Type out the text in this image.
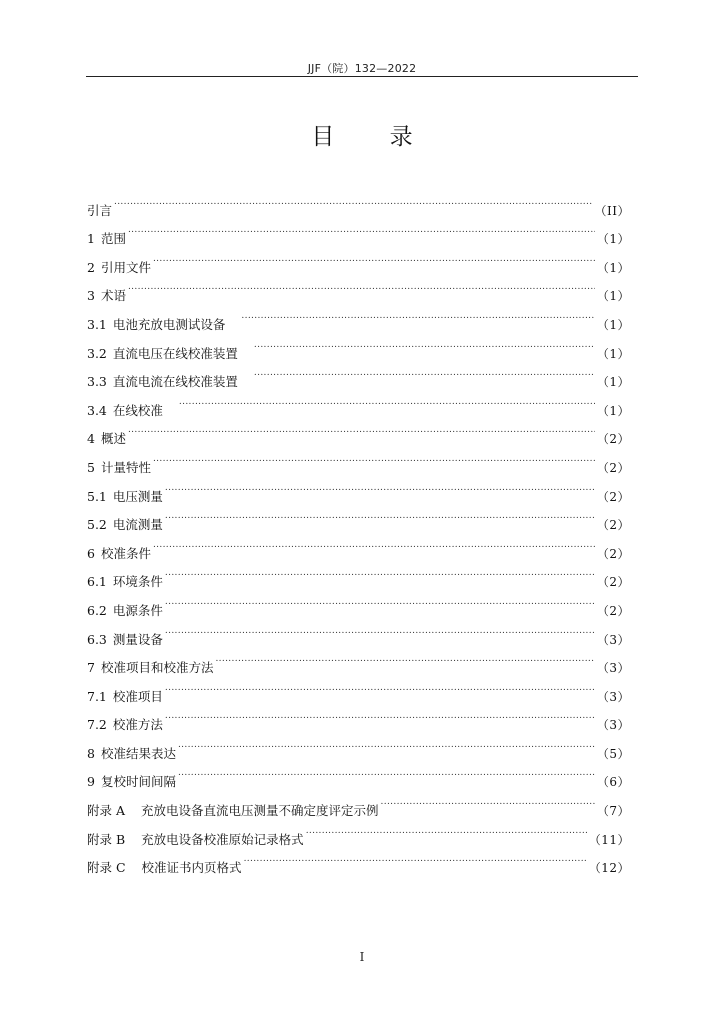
JJF（院）132—2022
目 录
引言 .....	（II）
1 范围 .....	（1）
2 引用文件 .....	（1）
3 术语 .....	（1）
3.1 电池充放电测试设备 .....	（1）
3.2 直流电压在线校准装置 .....	（1）
3.3 直流电流在线校准装置 .....	（1）
3.4 在线校准 .....	（1）
4 概述 .....	（2）
5 计量特性 .....	（2）
5.1 电压测量 .....	（2）
5.2 电流测量 .....	（2）
6 校准条件 .....	（2）
6.1 环境条件 .....	（2）
6.2 电源条件 .....	（2）
6.3 测量设备 .....	（3）
7 校准项目和校准方法 .....	（3）
7.1 校准项目 .....	（3）
7.2 校准方法 .....	（3）
8 校准结果表达 .....	（5）
9 复校时间间隔 .....	（6）
附录 A 充放电设备直流电压测量不确定度评定示例 .....	（7）
附录 B 充放电设备校准原始记录格式 .....	（11）
附录 C 校准证书内页格式 .....	（12）
I
